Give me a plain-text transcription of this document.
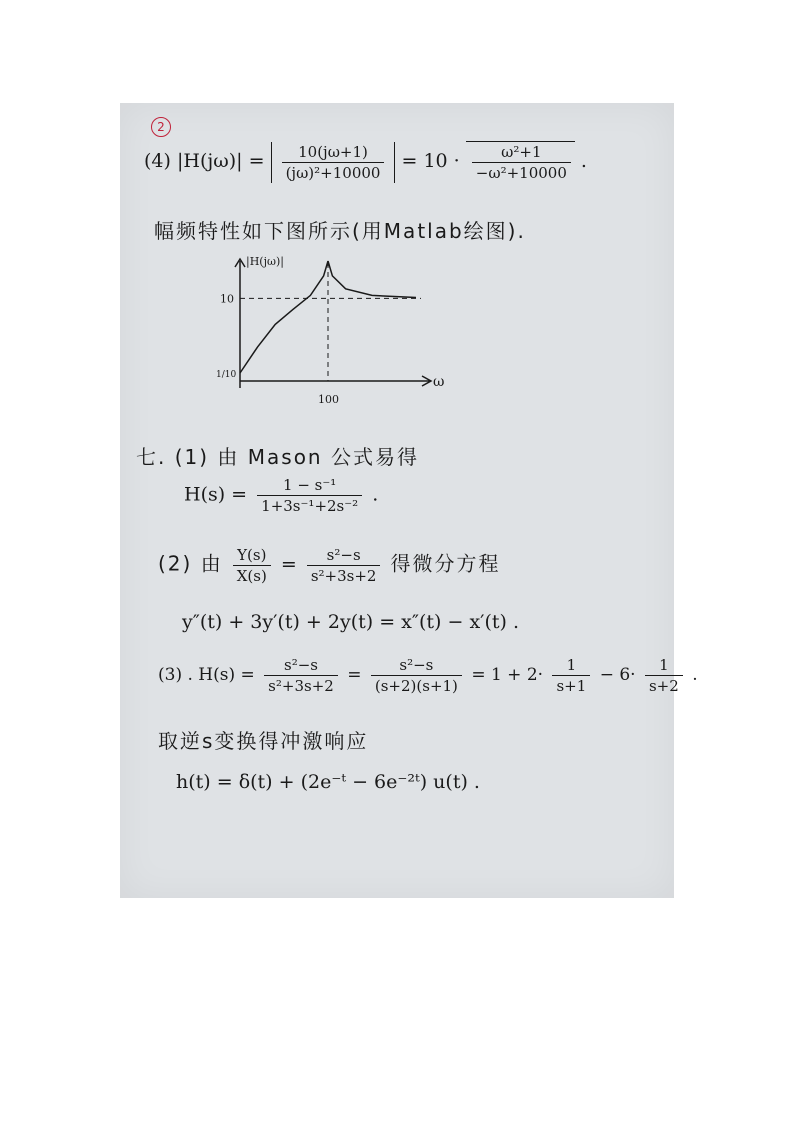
2
(4) $|H(j\omega)| = \frac{10(j\omega+1)}{\text{(jω)²+10000}} = 10 \cdot \frac{\text{ω²+1}}{\text{−ω²+10000}}$ .
幅频特性如下图所示(用Matlab绘图).
|H(jω)|
ω
10
1/10
100
七. (1) 由 Mason 公式易得
$H(s) = \frac{\text{1 − s⁻¹}}{\text{1+3s⁻¹+2s⁻²}}$ .
(2) 由 $\frac{Y(s)}{X(s)} = \frac{\text{s²−s}}{\text{s²+3s+2}}$ 得微分方程
y″(t) + 3y′(t) + 2y(t) = x″(t) − x′(t) .
(3) . $H(s) = \frac{\text{s²−s}}{\text{s²+3s+2}} = \frac{\text{s²−s}}{(s+2)(s+1)} = 1 + 2\cdot \frac{1}{s+1} - 6\cdot \frac{1}{s+2}$ .
取逆s变换得冲激响应
h(t) = δ(t) + (2e⁻ᵗ − 6e⁻²ᵗ) u(t) .
